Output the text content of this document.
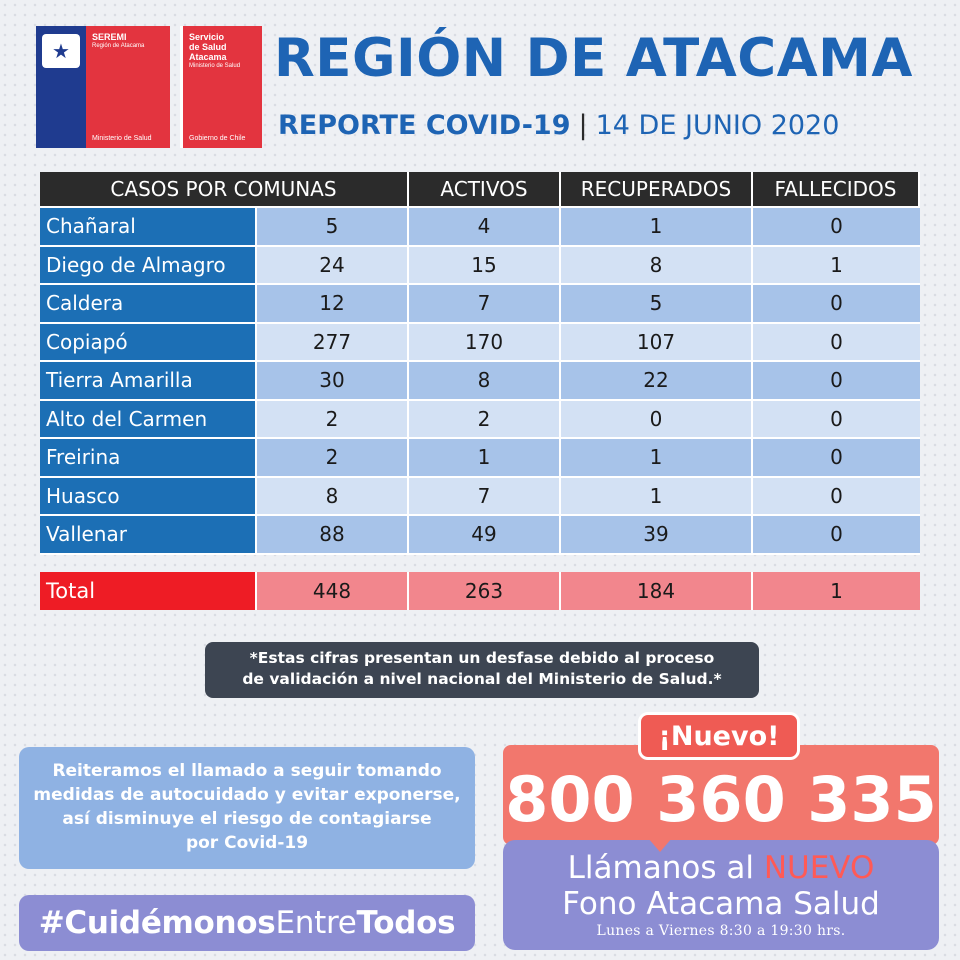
★
SEREMI
Región de Atacama
Ministerio de Salud
Servicio
de Salud
Atacama
Ministerio de Salud
Gobierno de Chile
REGIÓN DE ATACAMA
REPORTE COVID-19 | 14 DE JUNIO 2020
CASOS POR COMUNAS	ACTIVOS	RECUPERADOS	FALLECIDOS
Chañaral	5	4	1	0
Diego de Almagro	24	15	8	1
Caldera	12	7	5	0
Copiapó	277	170	107	0
Tierra Amarilla	30	8	22	0
Alto del Carmen	2	2	0	0
Freirina	2	1	1	0
Huasco	8	7	1	0
Vallenar	88	49	39	0
Total	448	263	184	1
*Estas cifras presentan un desfase debido al proceso
de validación a nivel nacional del Ministerio de Salud.*
Reiteramos el llamado a seguir tomando
medidas de autocuidado y evitar exponerse,
así disminuye el riesgo de contagiarse
por Covid-19
#Cuidémonos Entre Todos
800 360 335
¡Nuevo!
Llámanos al NUEVO
Fono Atacama Salud
Lunes a Viernes 8:30 a 19:30 hrs.
